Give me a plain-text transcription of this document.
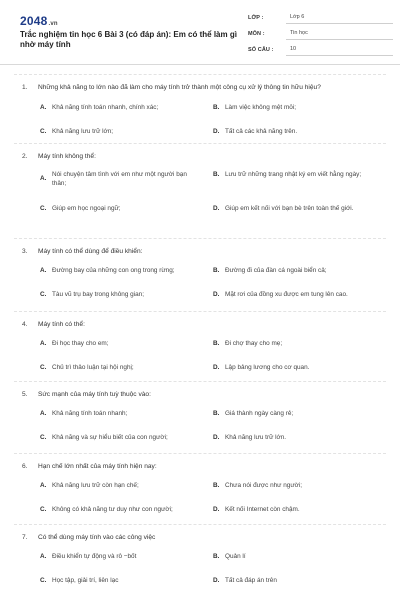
2048.vn
Trắc nghiệm tin học 6 Bài 3 (có đáp án): Em có thể làm gì nhờ máy tính
LỚP :	Lớp 6
MÔN :	Tin học
SỐ CÂU :	10
1. Những khả năng to lớn nào đã làm cho máy tính trở thành một công cụ xử lý thông tin hữu hiệu?
A. Khả năng tính toán nhanh, chính xác;	B. Làm việc không mệt mỏi;
C. Khả năng lưu trữ lớn;	D. Tất cả các khả năng trên.
2. Máy tính không thể:
A.
Nói chuyện tâm tình với em như một người bạn thân;
B. Lưu trữ những trang nhật ký em viết hằng ngày;
C. Giúp em học ngoại ngữ;	D. Giúp em kết nối với bạn bè trên toàn thế giới.
3. Máy tính có thể dùng để điều khiển:
A. Đường bay của những con ong trong rừng;	B. Đường đi của đàn cá ngoài biển cả;
C. Tàu vũ trụ bay trong không gian;	D. Mặt rơi của đồng xu được em tung lên cao.
4. Máy tính có thể:
A. Đi học thay cho em;	B. Đi chợ thay cho mẹ;
C. Chủ trì thảo luận tại hội nghị;	D. Lập bảng lương cho cơ quan.
5. Sức mạnh của máy tính tuỳ thuộc vào:
A. Khả năng tính toán nhanh;	B. Giá thành ngày càng rẻ;
C. Khả năng và sự hiểu biết của con người;	D. Khả năng lưu trữ lớn.
6. Hạn chế lớn nhất của máy tính hiện nay:
A. Khả năng lưu trữ còn hạn chế;	B. Chưa nói được như người;
C. Không có khả năng tư duy như con người;	D. Kết nối Internet còn chậm.
7. Có thể dùng máy tính vào các công việc
A. Điều khiển tự động và rô −bốt	B. Quản lí
C. Học tập, giải trí, liên lạc	D. Tất cả đáp án trên
